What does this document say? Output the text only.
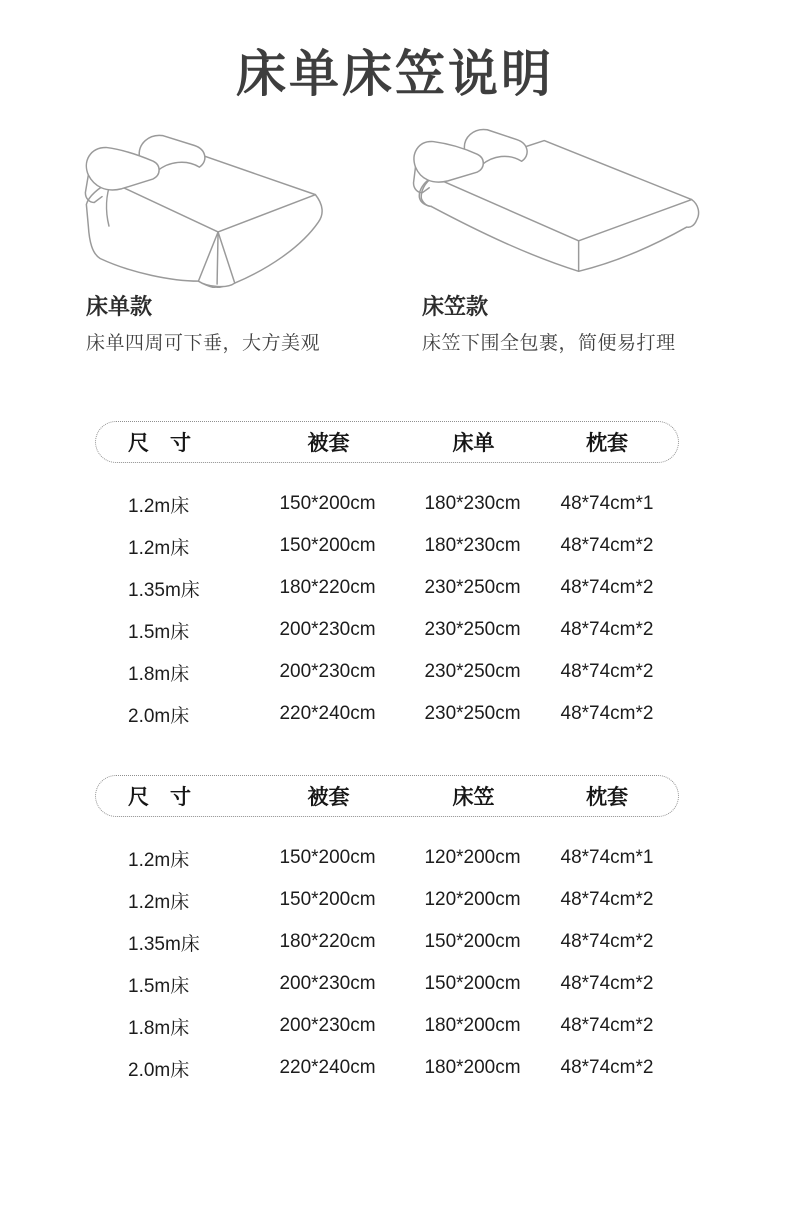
床单床笠说明
床单款
床单四周可下垂，大方美观
床笠款
床笠下围全包裹，简便易打理
尺　寸	被套	床单	枕套
1.2m床	150*200cm	180*230cm	48*74cm*1
1.2m床	150*200cm	180*230cm	48*74cm*2
1.35m床	180*220cm	230*250cm	48*74cm*2
1.5m床	200*230cm	230*250cm	48*74cm*2
1.8m床	200*230cm	230*250cm	48*74cm*2
2.0m床	220*240cm	230*250cm	48*74cm*2
尺　寸	被套	床笠	枕套
1.2m床	150*200cm	120*200cm	48*74cm*1
1.2m床	150*200cm	120*200cm	48*74cm*2
1.35m床	180*220cm	150*200cm	48*74cm*2
1.5m床	200*230cm	150*200cm	48*74cm*2
1.8m床	200*230cm	180*200cm	48*74cm*2
2.0m床	220*240cm	180*200cm	48*74cm*2
